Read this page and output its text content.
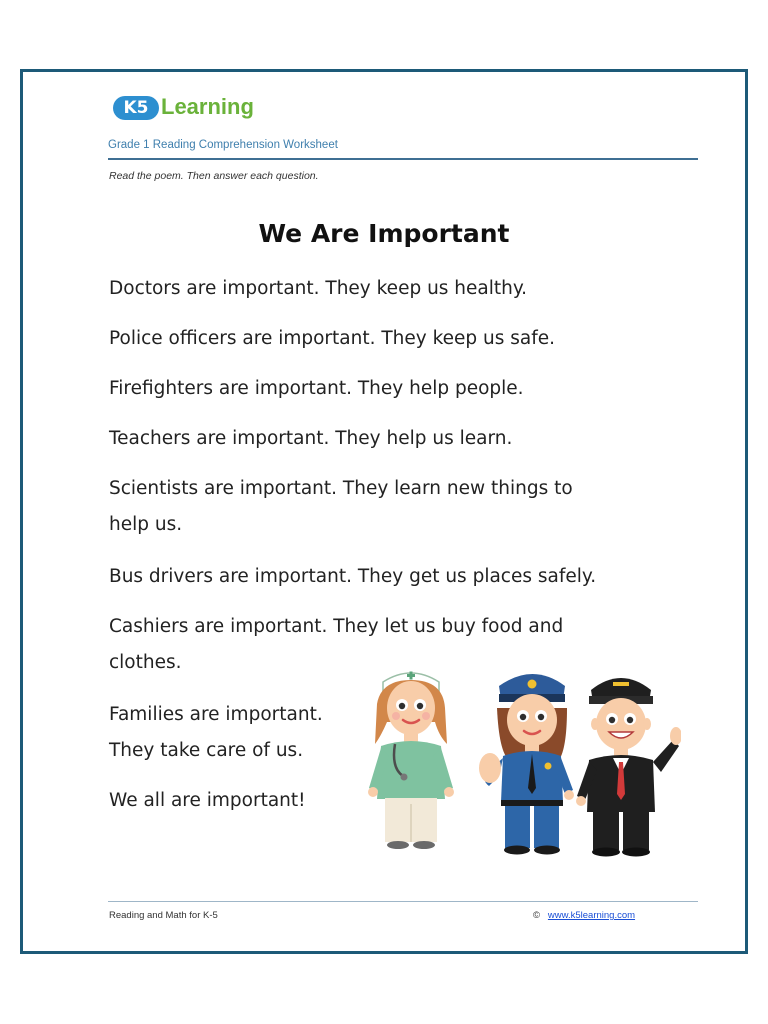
K5 Learning
Grade 1 Reading Comprehension Worksheet
Read the poem. Then answer each question.
We Are Important
Doctors are important. They keep us healthy.
Police officers are important. They keep us safe.
Firefighters are important. They help people.
Teachers are important. They help us learn.
Scientists are important. They learn new things to
help us.
Bus drivers are important. They get us places safely.
Cashiers are important. They let us buy food and
clothes.
Families are important.
They take care of us.
We all are important!
Reading and Math for K-5	© www.k5learning.com
